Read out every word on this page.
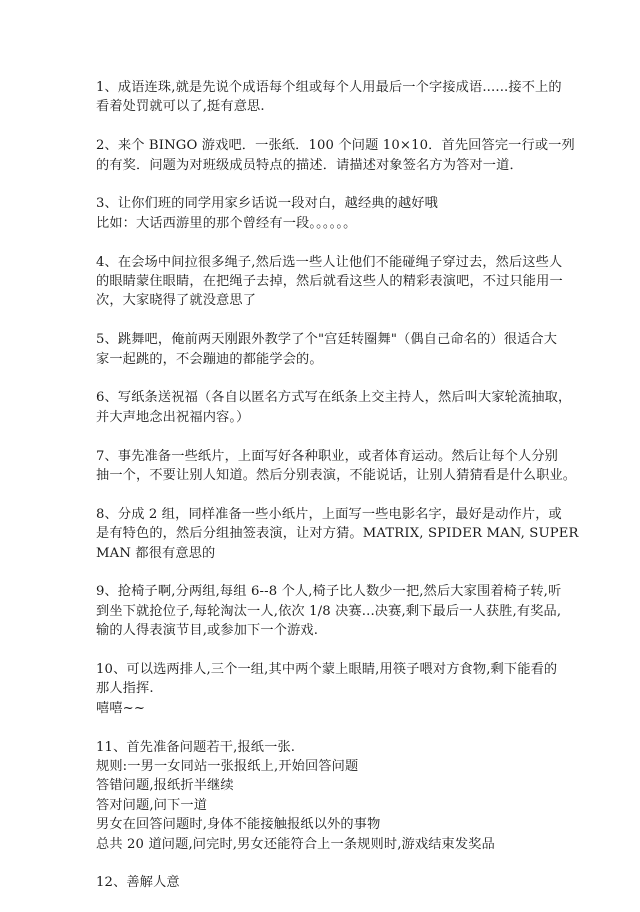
1、成语连珠,就是先说个成语每个组或每个人用最后一个字接成语......接不上的
看着处罚就可以了,挺有意思.
2、来个 BINGO 游戏吧．一张纸．100 个问题 10×10．首先回答完一行或一列
的有奖．问题为对班级成员特点的描述．请描述对象签名方为答对一道．
3、让你们班的同学用家乡话说一段对白，越经典的越好哦
比如：大话西游里的那个曾经有一段。。。。。。
4、在会场中间拉很多绳子,然后选一些人让他们不能碰绳子穿过去，然后这些人
的眼睛蒙住眼睛，在把绳子去掉，然后就看这些人的精彩表演吧，不过只能用一
次，大家晓得了就没意思了
5、跳舞吧，俺前两天刚跟外教学了个"宫廷转圈舞"（偶自己命名的）很适合大
家一起跳的，不会蹦迪的都能学会的。
6、写纸条送祝福（各自以匿名方式写在纸条上交主持人，然后叫大家轮流抽取，
并大声地念出祝福内容。）
7、事先准备一些纸片，上面写好各种职业，或者体育运动。然后让每个人分别
抽一个，不要让别人知道。然后分别表演，不能说话，让别人猜猜看是什么职业。
8、分成 2 组，同样准备一些小纸片，上面写一些电影名字，最好是动作片，或
是有特色的，然后分组抽签表演，让对方猜。MATRIX, SPIDER MAN, SUPER
MAN 都很有意思的
9、抢椅子啊,分两组,每组 6--8 个人,椅子比人数少一把,然后大家围着椅子转,听
到坐下就抢位子,每轮淘汰一人,依次 1/8 决赛...决赛,剩下最后一人获胜,有奖品,
输的人得表演节目,或参加下一个游戏.
10、可以选两排人,三个一组,其中两个蒙上眼睛,用筷子喂对方食物,剩下能看的
那人指挥.
嘻嘻~~
11、首先准备问题若干,报纸一张.
规则:一男一女同站一张报纸上,开始回答问题
答错问题,报纸折半继续
答对问题,问下一道
男女在回答问题时,身体不能接触报纸以外的事物
总共 20 道问题,问完时,男女还能符合上一条规则时,游戏结束发奖品
12、善解人意
